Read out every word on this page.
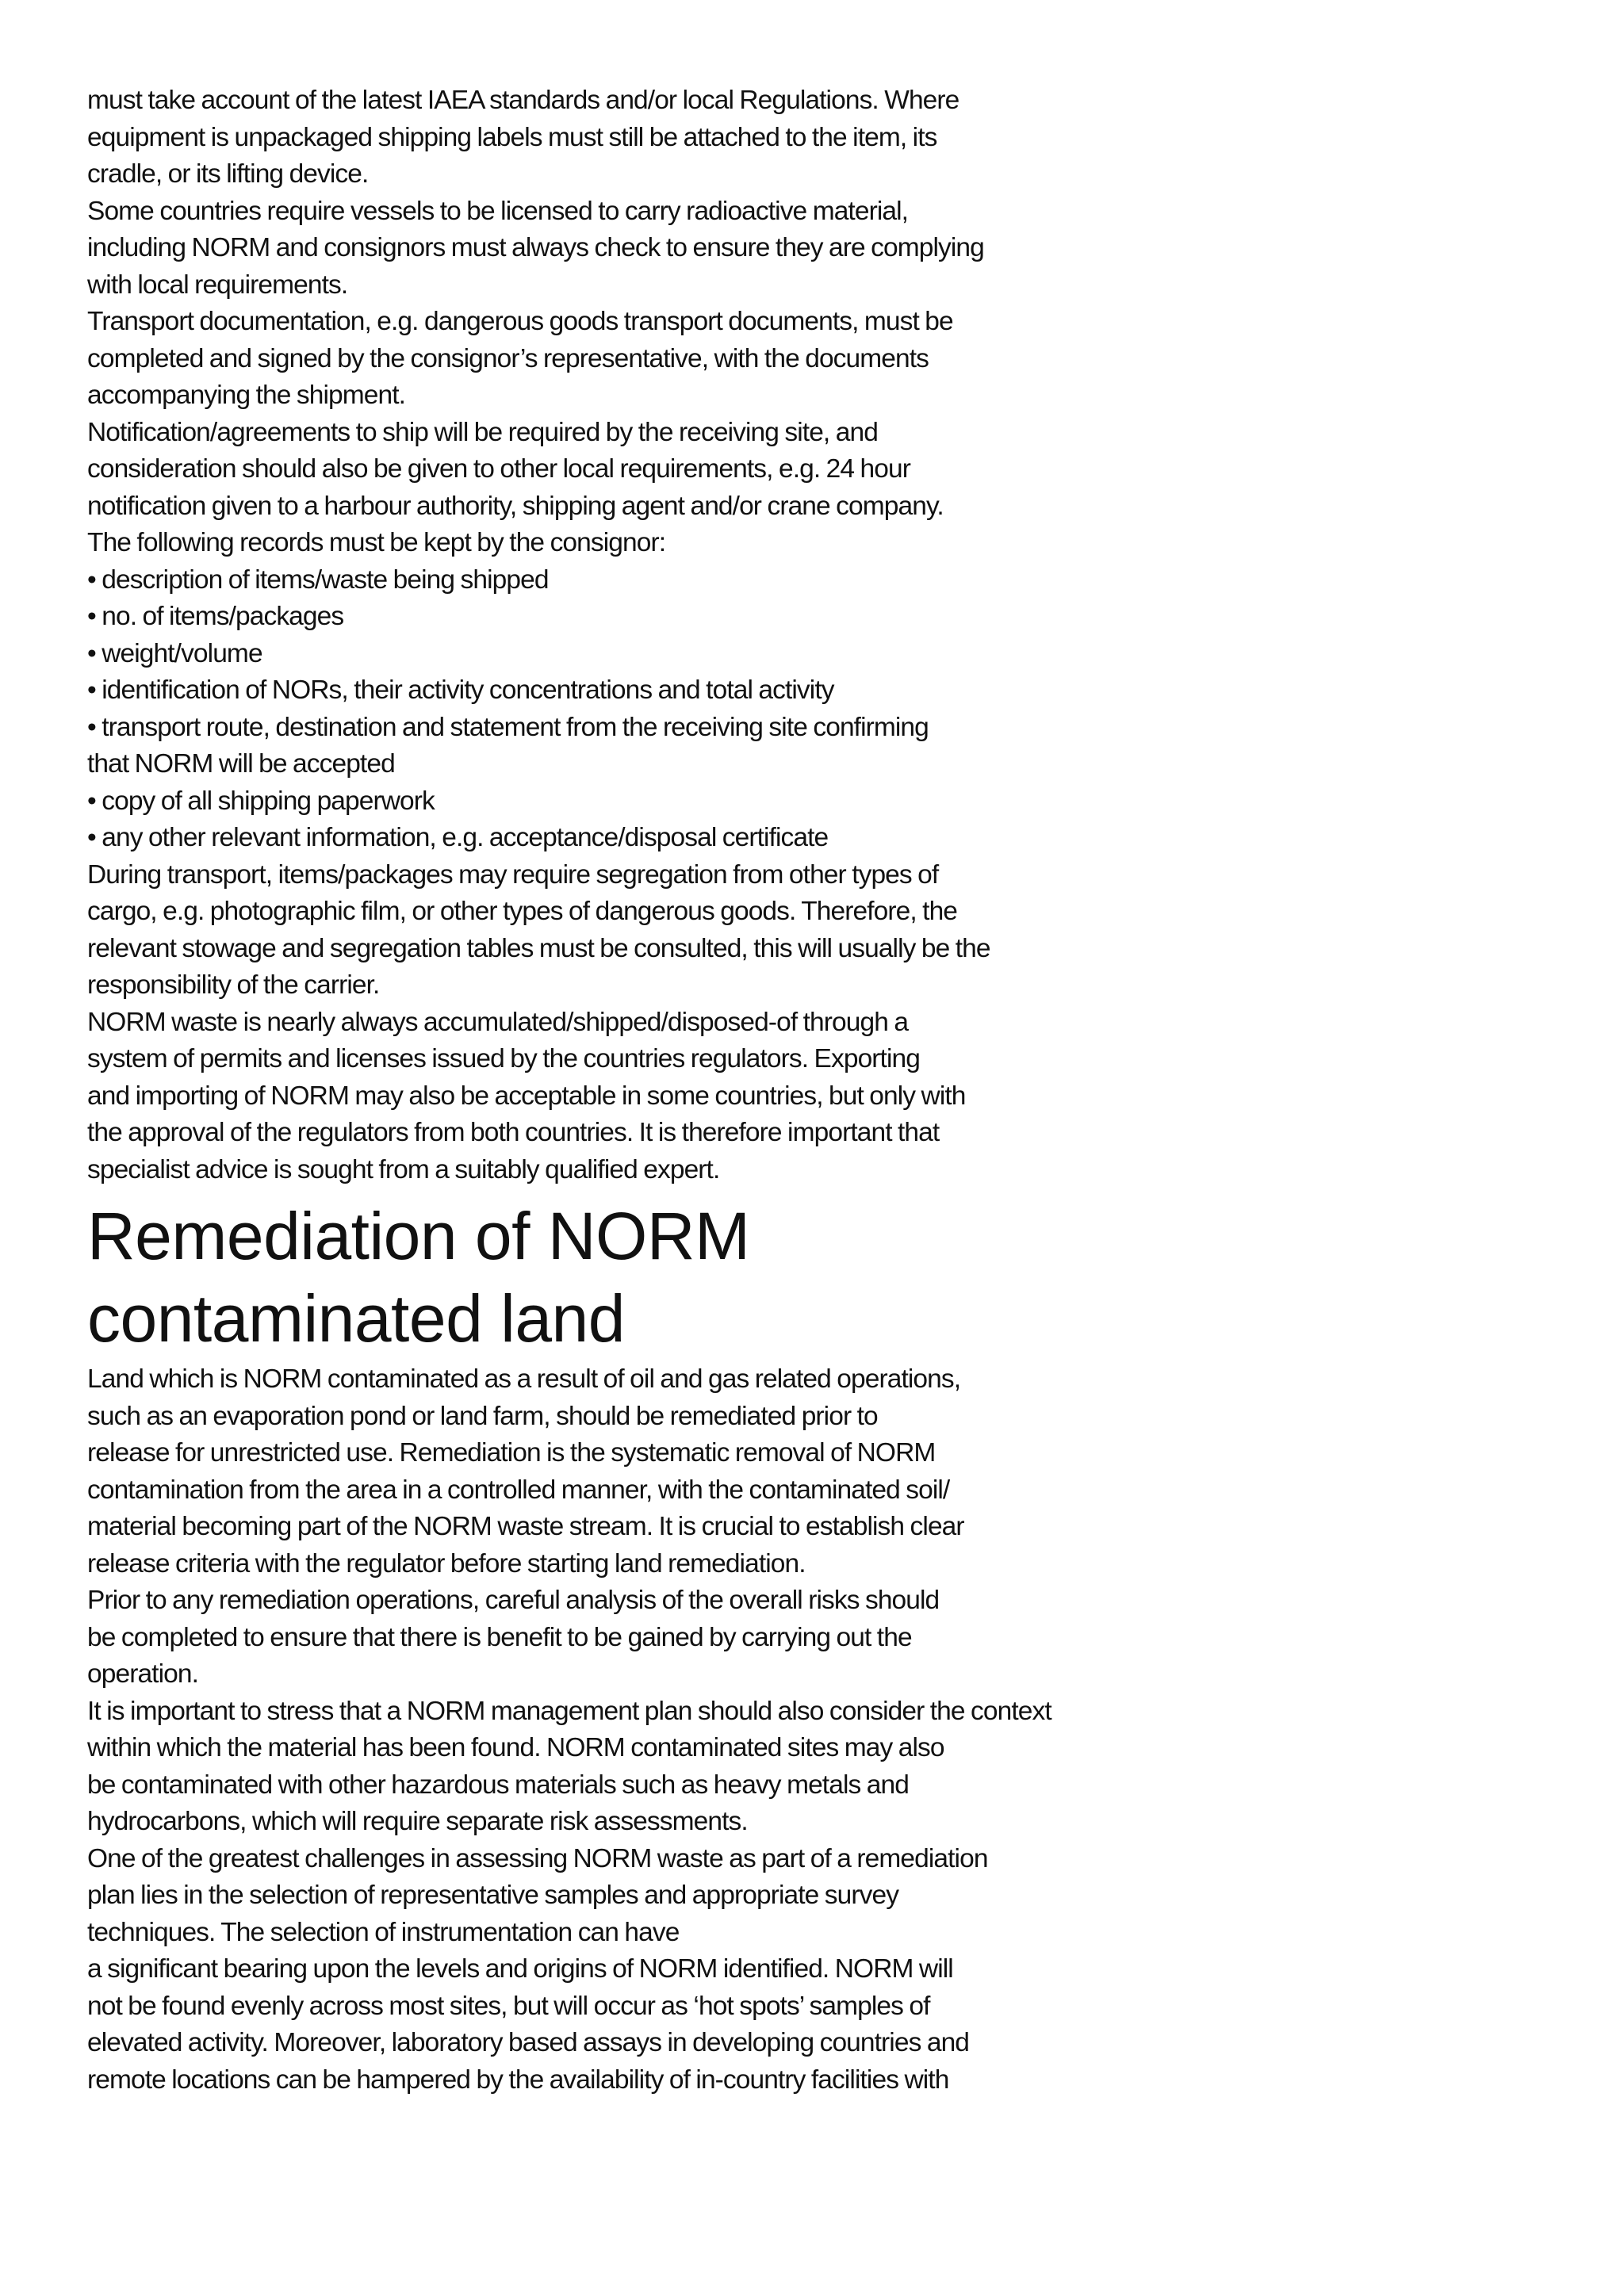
must take account of the latest IAEA standards and/or local Regulations. Where
equipment is unpackaged shipping labels must still be attached to the item, its
cradle, or its lifting device.
Some countries require vessels to be licensed to carry radioactive material,
including NORM and consignors must always check to ensure they are complying
with local requirements.
Transport documentation, e.g. dangerous goods transport documents, must be
completed and signed by the consignor’s representative, with the documents
accompanying the shipment.
Notification/agreements to ship will be required by the receiving site, and
consideration should also be given to other local requirements, e.g. 24 hour
notification given to a harbour authority, shipping agent and/or crane company.
The following records must be kept by the consignor:
• description of items/waste being shipped
• no. of items/packages
• weight/volume
• identification of NORs, their activity concentrations and total activity
• transport route, destination and statement from the receiving site confirming
that NORM will be accepted
• copy of all shipping paperwork
• any other relevant information, e.g. acceptance/disposal certificate
During transport, items/packages may require segregation from other types of
cargo, e.g. photographic film, or other types of dangerous goods. Therefore, the
relevant stowage and segregation tables must be consulted, this will usually be the
responsibility of the carrier.
NORM waste is nearly always accumulated/shipped/disposed-of through a
system of permits and licenses issued by the countries regulators. Exporting
and importing of NORM may also be acceptable in some countries, but only with
the approval of the regulators from both countries. It is therefore important that
specialist advice is sought from a suitably qualified expert.
Remediation of NORM
contaminated land
Land which is NORM contaminated as a result of oil and gas related operations,
such as an evaporation pond or land farm, should be remediated prior to
release for unrestricted use. Remediation is the systematic removal of NORM
contamination from the area in a controlled manner, with the contaminated soil/
material becoming part of the NORM waste stream. It is crucial to establish clear
release criteria with the regulator before starting land remediation.
Prior to any remediation operations, careful analysis of the overall risks should
be completed to ensure that there is benefit to be gained by carrying out the
operation.
It is important to stress that a NORM management plan should also consider the context
within which the material has been found. NORM contaminated sites may also
be contaminated with other hazardous materials such as heavy metals and
hydrocarbons, which will require separate risk assessments.
One of the greatest challenges in assessing NORM waste as part of a remediation
plan lies in the selection of representative samples and appropriate survey
techniques. The selection of instrumentation can have
a significant bearing upon the levels and origins of NORM identified. NORM will
not be found evenly across most sites, but will occur as ‘hot spots’ samples of
elevated activity. Moreover, laboratory based assays in developing countries and
remote locations can be hampered by the availability of in-country facilities with
